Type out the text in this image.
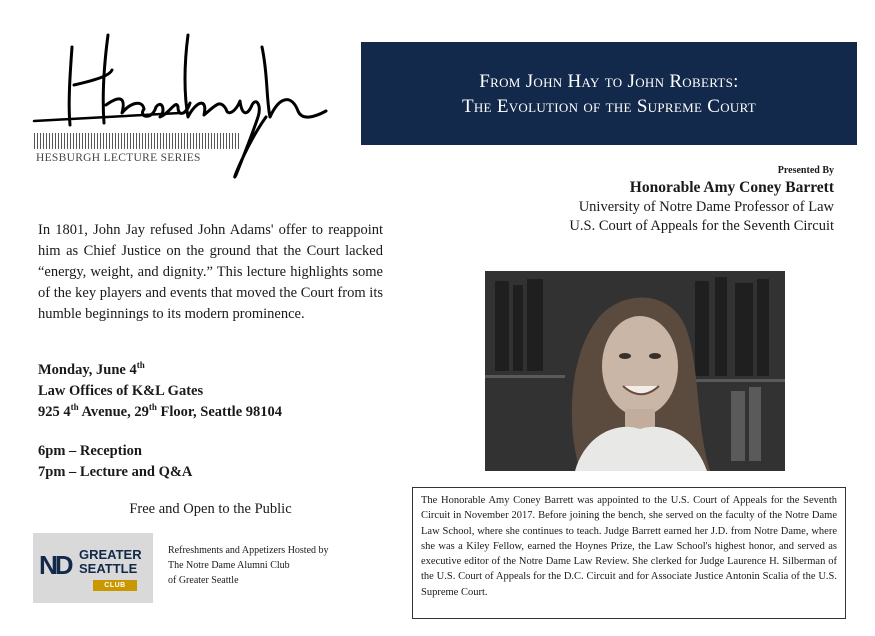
HESBURGH LECTURE SERIES
From John Hay to John Roberts:
The Evolution of the Supreme Court
Presented By
Honorable Amy Coney Barrett
University of Notre Dame Professor of Law
U.S. Court of Appeals for the Seventh Circuit
In 1801, John Jay refused John Adams' offer to reappoint him as Chief Justice on the ground that the Court lacked “energy, weight, and dignity.” This lecture highlights some of the key players and events that moved the Court from its humble beginnings to its modern prominence.
Monday, June 4th
Law Offices of K&L Gates
925 4th Avenue, 29th Floor, Seattle 98104
6pm – Reception
7pm – Lecture and Q&A
Free and Open to the Public
ND GREATER
SEATTLE
CLUB
Refreshments and Appetizers Hosted by
The Notre Dame Alumni Club
of Greater Seattle
The Honorable Amy Coney Barrett was appointed to the U.S. Court of Appeals for the Seventh Circuit in November 2017. Before joining the bench, she served on the faculty of the Notre Dame Law School, where she continues to teach. Judge Barrett earned her J.D. from Notre Dame, where she was a Kiley Fellow, earned the Hoynes Prize, the Law School's highest honor, and served as executive editor of the Notre Dame Law Review. She clerked for Judge Laurence H. Silberman of the U.S. Court of Appeals for the D.C. Circuit and for Associate Justice Antonin Scalia of the U.S. Supreme Court.
